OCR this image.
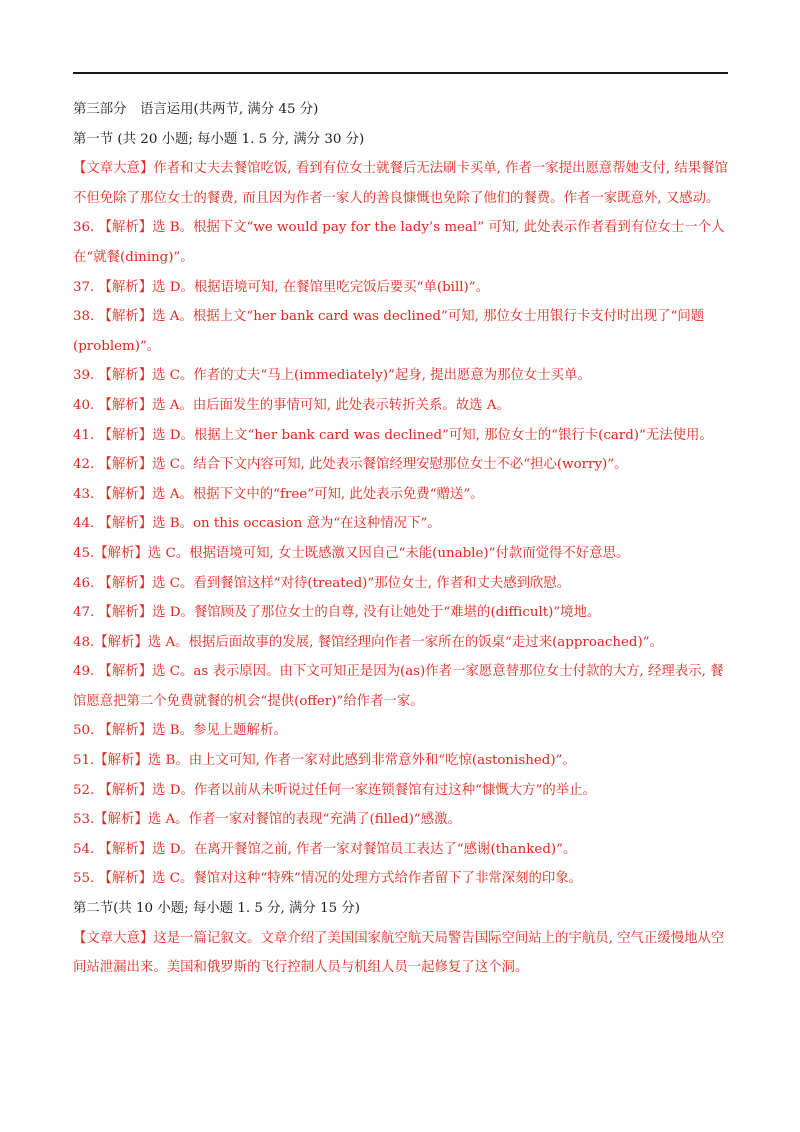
第三部分　语言运用(共两节, 满分 45 分)

第一节 (共 20 小题; 每小题 1. 5 分, 满分 30 分)

【文章大意】作者和丈夫去餐馆吃饭, 看到有位女士就餐后无法刷卡买单, 作者一家提出愿意帮她支付, 结果餐馆不但免除了那位女士的餐费, 而且因为作者一家人的善良慷慨也免除了他们的餐费。作者一家既意外, 又感动。

36. 【解析】选 B。根据下文“we would pay for the lady’s meal” 可知, 此处表示作者看到有位女士一个人在“就餐(dining)”。

37. 【解析】选 D。根据语境可知, 在餐馆里吃完饭后要买“单(bill)”。

38. 【解析】选 A。根据上文“her bank card was declined”可知, 那位女士用银行卡支付时出现了“问题(problem)”。

39. 【解析】选 C。作者的丈夫“马上(immediately)”起身, 提出愿意为那位女士买单。

40. 【解析】选 A。由后面发生的事情可知, 此处表示转折关系。故选 A。

41. 【解析】选 D。根据上文“her bank card was declined”可知, 那位女士的“银行卡(card)”无法使用。

42. 【解析】选 C。结合下文内容可知, 此处表示餐馆经理安慰那位女士不必“担心(worry)”。

43. 【解析】选 A。根据下文中的“free”可知, 此处表示免费“赠送”。

44. 【解析】选 B。on this occasion 意为“在这种情况下”。

45.【解析】选 C。根据语境可知, 女士既感激又因自己“未能(unable)”付款而觉得不好意思。

46. 【解析】选 C。看到餐馆这样“对待(treated)”那位女士, 作者和丈夫感到欣慰。

47. 【解析】选 D。餐馆顾及了那位女士的自尊, 没有让她处于“难堪的(difficult)”境地。

48.【解析】选 A。根据后面故事的发展, 餐馆经理向作者一家所在的饭桌“走过来(approached)”。

49. 【解析】选 C。as 表示原因。由下文可知正是因为(as)作者一家愿意替那位女士付款的大方, 经理表示, 餐馆愿意把第二个免费就餐的机会“提供(offer)”给作者一家。

50. 【解析】选 B。参见上题解析。

51.【解析】选 B。由上文可知, 作者一家对此感到非常意外和“吃惊(astonished)”。

52. 【解析】选 D。作者以前从未听说过任何一家连锁餐馆有过这种“慷慨大方”的举止。

53.【解析】选 A。作者一家对餐馆的表现“充满了(filled)”感激。

54. 【解析】选 D。在离开餐馆之前, 作者一家对餐馆员工表达了“感谢(thanked)”。

55. 【解析】选 C。餐馆对这种“特殊”情况的处理方式给作者留下了非常深刻的印象。

第二节(共 10 小题; 每小题 1. 5 分, 满分 15 分)

【文章大意】这是一篇记叙文。文章介绍了美国国家航空航天局警告国际空间站上的宇航员, 空气正缓慢地从空间站泄漏出来。美国和俄罗斯的飞行控制人员与机组人员一起修复了这个洞。
